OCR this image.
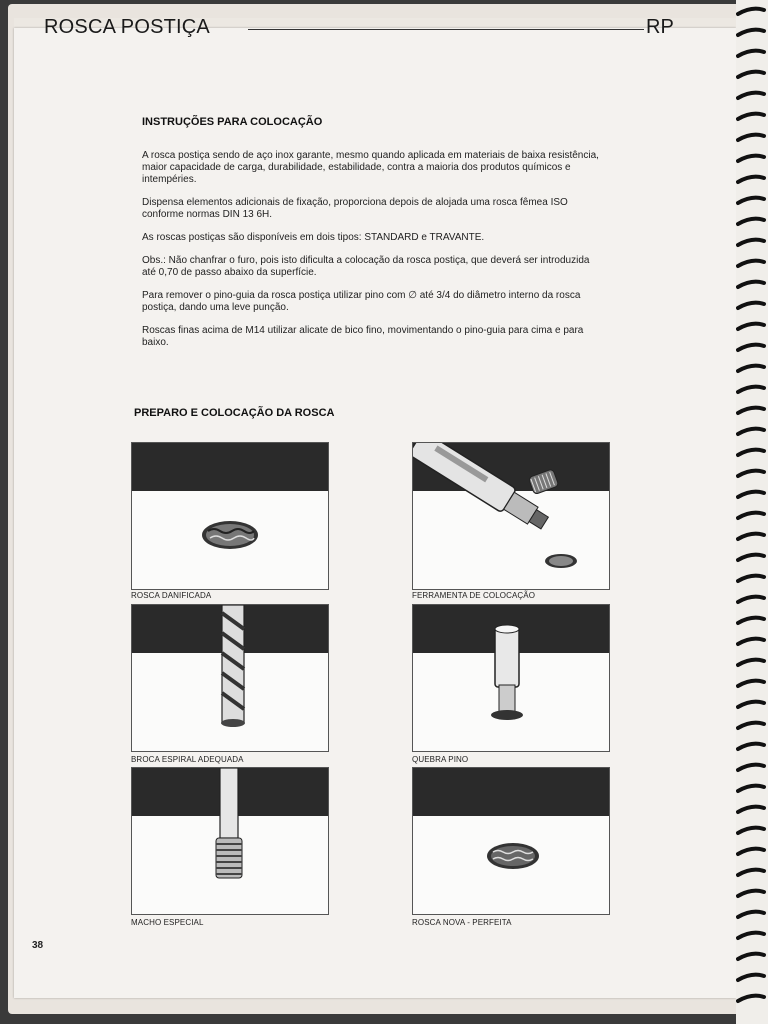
ROSCA POSTIÇA	RP
INSTRUÇÕES PARA COLOCAÇÃO

A rosca postiça sendo de aço inox garante, mesmo quando aplicada em materiais de baixa resistência, maior capacidade de carga, durabilidade, estabilidade, contra a maioria dos produtos químicos e intempéries.

Dispensa elementos adicionais de fixação, proporciona depois de alojada uma rosca fêmea ISO conforme normas DIN 13 6H.

As roscas postiças são disponíveis em dois tipos: STANDARD e TRAVANTE.

Obs.: Não chanfrar o furo, pois isto dificulta a colocação da rosca postiça, que deverá ser introduzida até 0,70 de passo abaixo da superfície.

Para remover o pino-guia da rosca postiça utilizar pino com ∅ até 3/4 do diâmetro interno da rosca postiça, dando uma leve punção.

Roscas finas acima de M14 utilizar alicate de bico fino, movimentando o pino-guia para cima e para baixo.

PREPARO E COLOCAÇÃO DA ROSCA
ROSCA DANIFICADA	FERRAMENTA DE COLOCAÇÃO
BROCA ESPIRAL ADEQUADA	QUEBRA PINO
MACHO ESPECIAL	ROSCA NOVA - PERFEITA
38
